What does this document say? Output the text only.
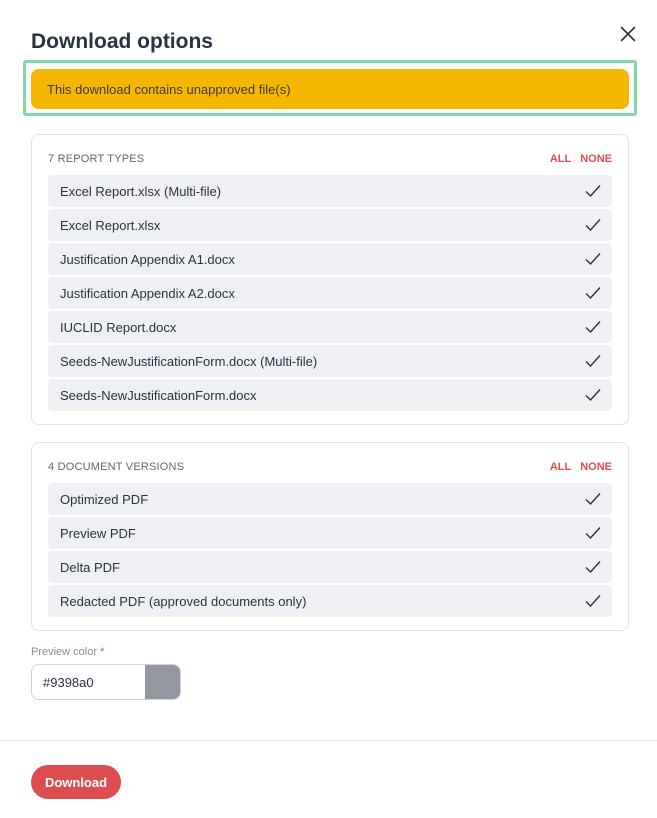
Download options
This download contains unapproved file(s)
7 REPORT TYPES	ALL NONE
Excel Report.xlsx (Multi-file)
Excel Report.xlsx
Justification Appendix A1.docx
Justification Appendix A2.docx
IUCLID Report.docx
Seeds-NewJustificationForm.docx (Multi-file)
Seeds-NewJustificationForm.docx
4 DOCUMENT VERSIONS	ALL NONE
Optimized PDF
Preview PDF
Delta PDF
Redacted PDF (approved documents only)
Preview color *
#9398a0
Download
